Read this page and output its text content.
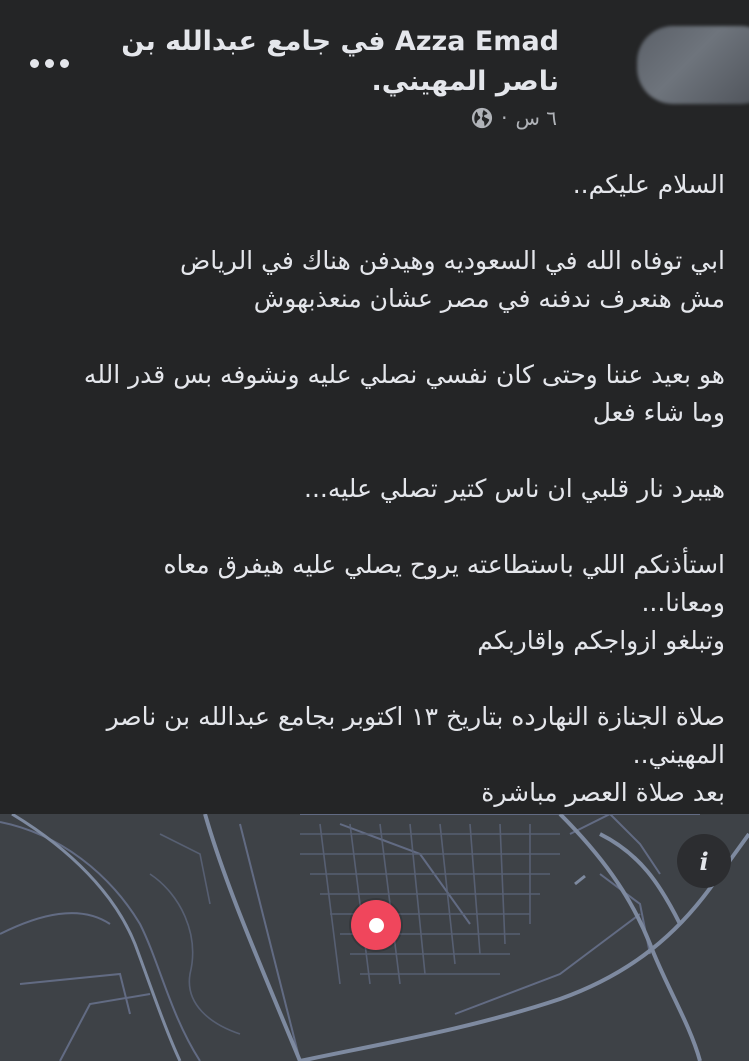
Azza Emad في جامع عبدالله بن ناصر المهيني.
٦ س
·

السلام عليكم..

ابي توفاه الله في السعوديه وهيدفن هناك في الرياض

مش هنعرف ندفنه في مصر عشان منعذبهوش

هو بعيد عننا وحتى كان نفسي نصلي عليه ونشوفه بس قدر الله

وما شاء فعل

هيبرد نار قلبي ان ناس كتير تصلي عليه...

استأذنكم اللي باستطاعته يروح يصلي عليه هيفرق معاه

ومعانا...

وتبلغو ازواجكم واقاربكم

صلاة الجنازة النهارده بتاريخ ١٣ اكتوبر بجامع عبدالله بن ناصر

المهيني..

بعد صلاة العصر مباشرة

i
